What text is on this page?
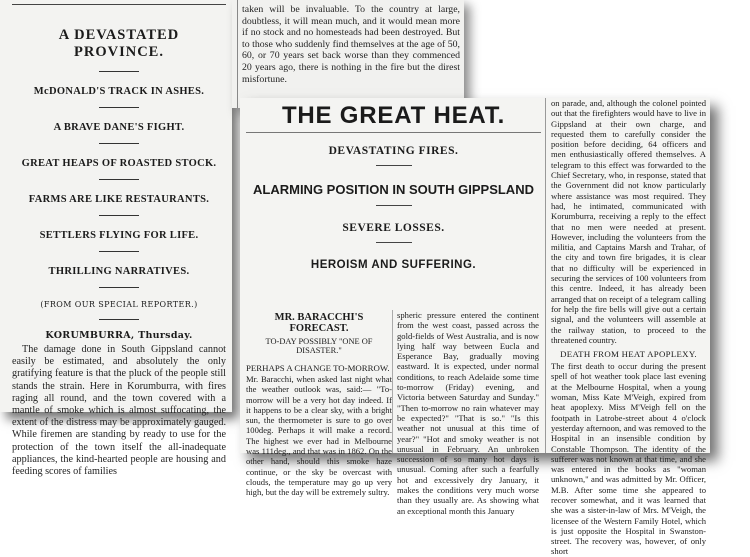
A DEVASTATED PROVINCE.
McDONALD'S TRACK IN ASHES.
A BRAVE DANE'S FIGHT.
GREAT HEAPS OF ROASTED STOCK.
FARMS ARE LIKE RESTAURANTS.
SETTLERS FLYING FOR LIFE.
THRILLING NARRATIVES.
(FROM OUR SPECIAL REPORTER.)
KORUMBURRA, Thursday.
The damage done in South Gippsland cannot easily be estimated, and absolutely the only gratifying feature is that the pluck of the people still stands the strain. Here in Korumburra, with fires raging all round, and the town covered with a mantle of smoke which is almost suffocating, the extent of the distress may be approximately gauged. While firemen are standing by ready to use for the protection of the town itself the all-inadequate appliances, the kind-hearted people are housing and feeding scores of families
taken will be invaluable. To the country at large, doubtless, it will mean much, and it would mean more if no stock and no homesteads had been destroyed. But to those who suddenly find themselves at the age of 50, 60, or 70 years set back worse than they commenced 20 years ago, there is nothing in the fire but the direst misfortune.
THE GREAT HEAT.
DEVASTATING FIRES.
ALARMING POSITION IN SOUTH GIPPSLAND
SEVERE LOSSES.
HEROISM AND SUFFERING.
MR. BARACCHI'S FORECAST.
TO-DAY POSSIBLY "ONE OF
DISASTER."
PERHAPS A CHANGE TO-MORROW.
Mr. Baracchi, when asked last night what the weather outlook was, said:— "To-morrow will be a very hot day indeed. If it happens to be a clear sky, with a bright sun, the thermometer is sure to go over 100deg. Perhaps it will make a record. The highest we ever had in Melbourne was 111deg., and that was in 1862. On the other hand, should this smoke haze continue, or the sky be overcast with clouds, the temperature may go up very high, but the day will be extremely sultry.
spheric pressure entered the continent from the west coast, passed across the gold-fields of West Australia, and is now lying half way between Eucla and Esperance Bay, gradually moving eastward. It is expected, under normal conditions, to reach Adelaide some time to-morrow (Friday) evening, and Victoria between Saturday and Sunday." "Then to-morrow no rain whatever may be expected?" "That is so." "Is this weather not unusual at this time of year?" "Hot and smoky weather is not unusual in February. An unbroken succession of so many hot days is unusual. Coming after such a fearfully hot and excessively dry January, it makes the conditions very much worse than they usually are. As showing what an exceptional month this January
on parade, and, although the colonel pointed out that the firefighters would have to live in Gippsland at their own charge, and requested them to carefully consider the position before deciding, 64 officers and men enthusiastically offered themselves. A telegram to this effect was forwarded to the Chief Secretary, who, in response, stated that the Government did not know particularly where assistance was most required. They had, he intimated, communicated with Korumburra, receiving a reply to the effect that no men were needed at present. However, including the volunteers from the militia, and Captains Marsh and Trahar, of the city and town fire brigades, it is clear that no difficulty will be experienced in securing the services of 100 volunteers from this centre. Indeed, it has already been arranged that on receipt of a telegram calling for help the fire bells will give out a certain signal, and the volunteers will assemble at the railway station, to proceed to the threatened country.
DEATH FROM HEAT APOPLEXY.
The first death to occur during the present spell of hot weather took place last evening at the Melbourne Hospital, when a young woman, Miss Kate M'Veigh, expired from heat apoplexy. Miss M'Veigh fell on the footpath in Latrobe-street about 4 o'clock yesterday afternoon, and was removed to the Hospital in an insensible condition by Constable Thompson. The identity of the sufferer was not known at that time, and she was entered in the books as "woman unknown," and was admitted by Mr. Officer, M.B. After some time she appeared to recover somewhat, and it was learned that she was a sister-in-law of Mrs. M'Veigh, the licensee of the Western Family Hotel, which is just opposite the Hospital in Swanston-street. The recovery was, however, of only short
